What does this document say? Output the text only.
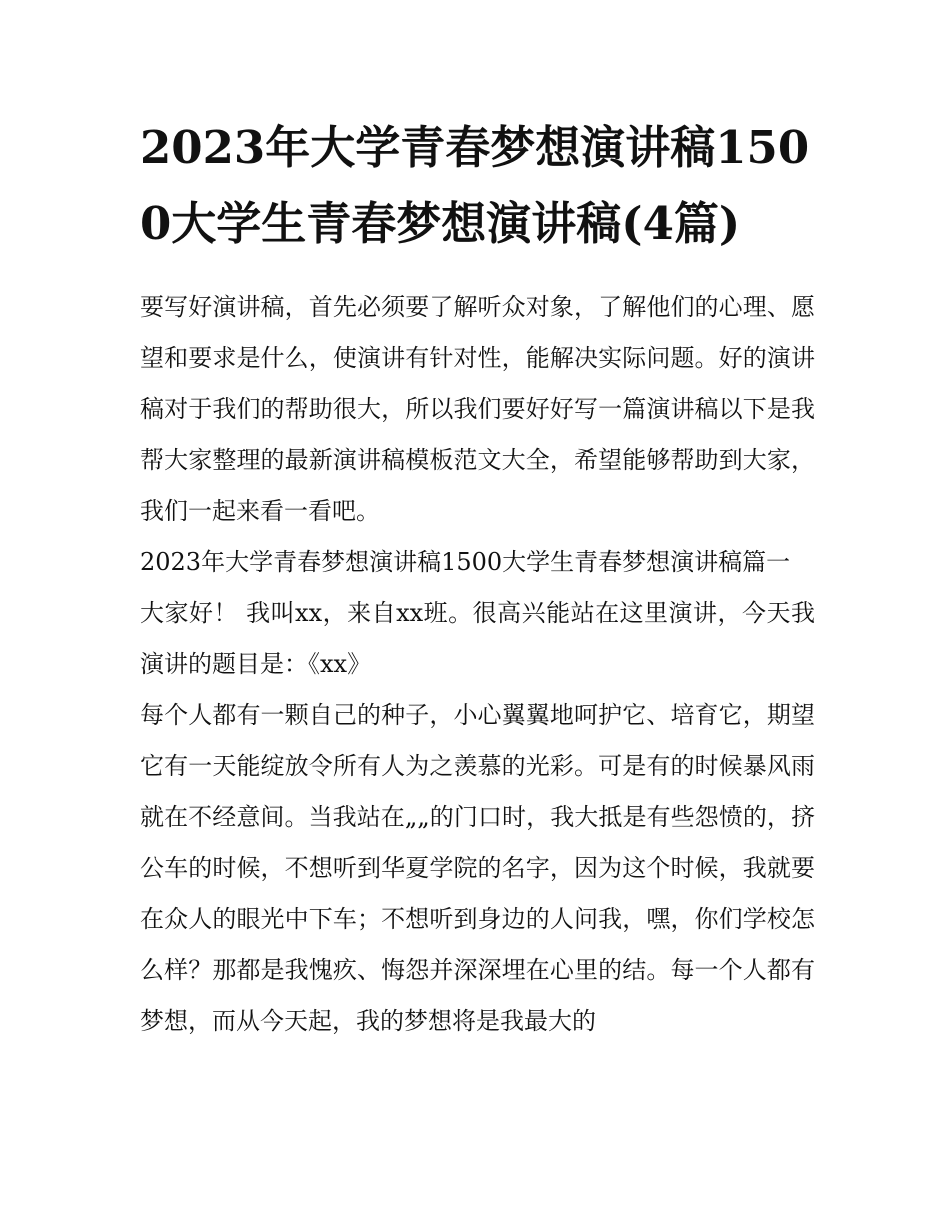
2023年大学青春梦想演讲稿1500大学生青春梦想演讲稿(4篇)

要写好演讲稿，首先必须要了解听众对象，了解他们的心理、愿望和要求是什么，使演讲有针对性，能解决实际问题。好的演讲稿对于我们的帮助很大，所以我们要好好写一篇演讲稿以下是我帮大家整理的最新演讲稿模板范文大全，希望能够帮助到大家，我们一起来看一看吧。

2023年大学青春梦想演讲稿1500大学生青春梦想演讲稿篇一

大家好！ 我叫xx，来自xx班。很高兴能站在这里演讲，今天我演讲的题目是：《xx》

每个人都有一颗自己的种子，小心翼翼地呵护它、培育它，期望它有一天能绽放令所有人为之羡慕的光彩。可是有的时候暴风雨就在不经意间。当我站在„„的门口时，我大抵是有些怨愤的，挤公车的时候，不想听到华夏学院的名字，因为这个时候，我就要在众人的眼光中下车；不想听到身边的人问我，嘿，你们学校怎么样？那都是我愧疚、悔怨并深深埋在心里的结。每一个人都有梦想，而从今天起，我的梦想将是我最大的
